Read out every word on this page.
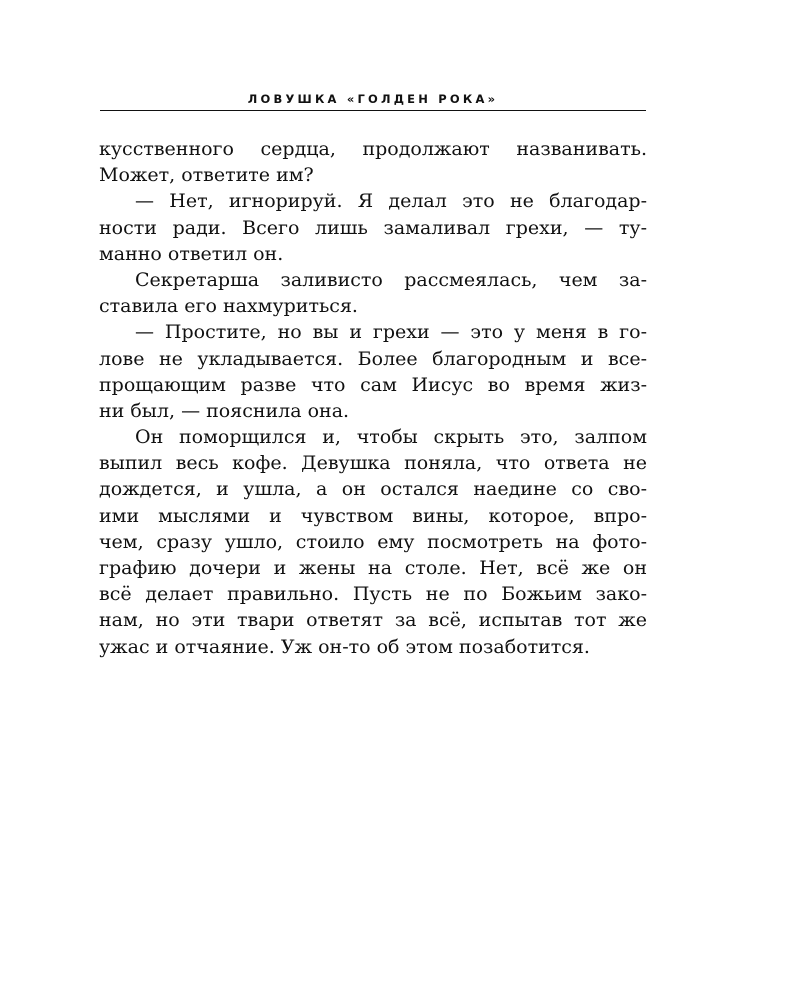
ЛОВУШКА «ГОЛДЕН РОКА»
кусственного сердца, продолжают названивать.
Может, ответите им?
— Нет, игнорируй. Я делал это не благодар-
ности ради. Всего лишь замаливал грехи, — ту-
манно ответил он.
Секретарша заливисто рассмеялась, чем за-
ставила его нахмуриться.
— Простите, но вы и грехи — это у меня в го-
лове не укладывается. Более благородным и все-
прощающим разве что сам Иисус во время жиз-
ни был, — пояснила она.
Он поморщился и, чтобы скрыть это, залпом
выпил весь кофе. Девушка поняла, что ответа не
дождется, и ушла, а он остался наедине со сво-
ими мыслями и чувством вины, которое, впро-
чем, сразу ушло, стоило ему посмотреть на фото-
графию дочери и жены на столе. Нет, всё же он
всё делает правильно. Пусть не по Божьим зако-
нам, но эти твари ответят за всё, испытав тот же
ужас и отчаяние. Уж он-то об этом позаботится.
